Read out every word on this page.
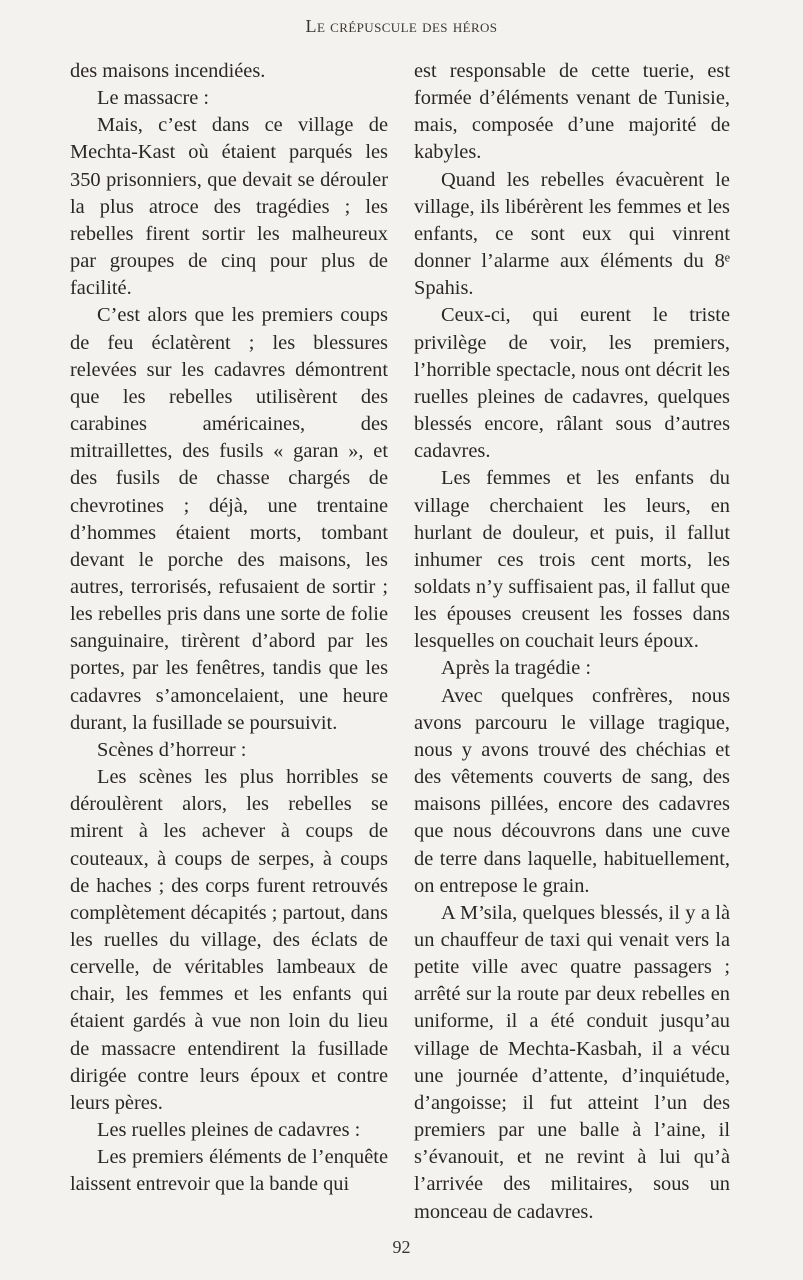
Le crépuscule des héros

des maisons incendiées.

Le massacre :

Mais, c’est dans ce village de Mechta-Kast où étaient parqués les 350 prisonniers, que devait se dérouler la plus atroce des tragédies ; les rebelles firent sortir les malheureux par groupes de cinq pour plus de facilité.

C’est alors que les premiers coups de feu éclatèrent ; les blessures relevées sur les cadavres démontrent que les rebelles utilisèrent des carabines américaines, des mitraillettes, des fusils « garan », et des fusils de chasse chargés de chevrotines ; déjà, une trentaine d’hommes étaient morts, tombant devant le porche des maisons, les autres, terrorisés, refusaient de sortir ; les rebelles pris dans une sorte de folie sanguinaire, tirèrent d’abord par les portes, par les fenêtres, tandis que les cadavres s’amoncelaient, une heure durant, la fusillade se poursuivit.

Scènes d’horreur :

Les scènes les plus horribles se déroulèrent alors, les rebelles se mirent à les achever à coups de couteaux, à coups de serpes, à coups de haches ; des corps furent retrouvés complètement décapités ; partout, dans les ruelles du village, des éclats de cervelle, de véritables lambeaux de chair, les femmes et les enfants qui étaient gardés à vue non loin du lieu de massacre entendirent la fusillade dirigée contre leurs époux et contre leurs pères.

Les ruelles pleines de cadavres :

Les premiers éléments de l’enquête laissent entrevoir que la bande qui

est responsable de cette tuerie, est formée d’éléments venant de Tunisie, mais, composée d’une majorité de kabyles.

Quand les rebelles évacuèrent le village, ils libérèrent les femmes et les enfants, ce sont eux qui vinrent donner l’alarme aux éléments du 8ᵉ Spahis.

Ceux-ci, qui eurent le triste privilège de voir, les premiers, l’horrible spectacle, nous ont décrit les ruelles pleines de cadavres, quelques blessés encore, râlant sous d’autres cadavres.

Les femmes et les enfants du village cherchaient les leurs, en hurlant de douleur, et puis, il fallut inhumer ces trois cent morts, les soldats n’y suffisaient pas, il fallut que les épouses creusent les fosses dans lesquelles on couchait leurs époux.

Après la tragédie :

Avec quelques confrères, nous avons parcouru le village tragique, nous y avons trouvé des chéchias et des vêtements couverts de sang, des maisons pillées, encore des cadavres que nous découvrons dans une cuve de terre dans laquelle, habituellement, on entrepose le grain.

A M’sila, quelques blessés, il y a là un chauffeur de taxi qui venait vers la petite ville avec quatre passagers ; arrêté sur la route par deux rebelles en uniforme, il a été conduit jusqu’au village de Mechta-Kasbah, il a vécu une journée d’attente, d’inquiétude, d’angoisse; il fut atteint l’un des premiers par une balle à l’aine, il s’évanouit, et ne revint à lui qu’à l’arrivée des militaires, sous un monceau de cadavres.

92
